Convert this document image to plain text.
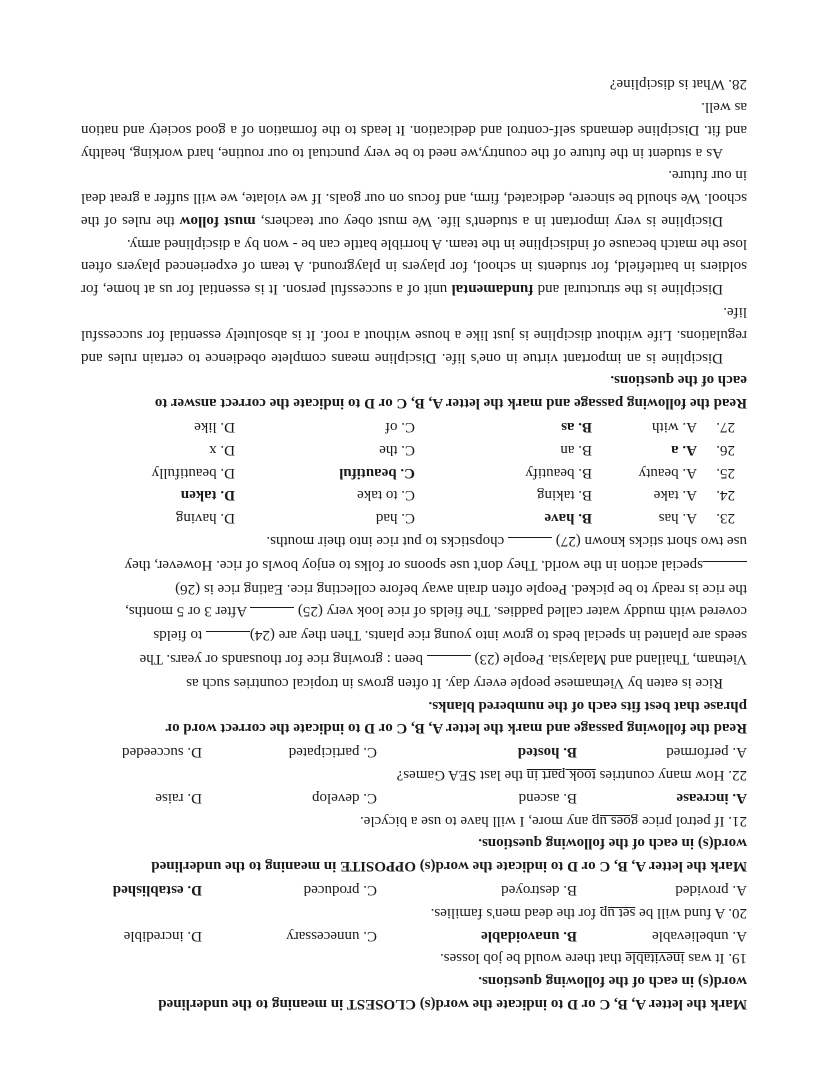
Mark the letter A, B, C or D to indicate the word(s) CLOSEST in meaning to the underlined
word(s) in each of the following questions.
19. It was inevitable that there would be job losses.
A. unbelievable
B. unavoidable
C. unnecessary
D. incredible
20. A fund will be set up for the dead men's families.
A. provided
B. destroyed
C. produced
D. established
Mark the letter A, B, C or D to indicate the word(s) OPPOSITE in meaning to the underlined
word(s) in each of the following questions.
21. If petrol price goes up any more, I will have to use a bicycle.
A. increase
B. ascend
C. develop
D. raise
22. How many countries took part in the last SEA Games?
A. performed
B. hosted
C. participated
D. succeeded
Read the following passage and mark the letter A, B, C or D to indicate the correct word or
phrase that best fits each of the numbered blanks.
Rice is eaten by Vietnamese people every day. It often grows in tropical countries such as
Vietnam, Thailand and Malaysia. People (23)  been : growing rice for thousands or years. The
seeds are planted in special beds to grow into young rice plants. Then they are (24) to fields
covered with muddy water called paddies. The fields of rice look very (25)  After 3 or 5 months,
the rice is ready to be picked. People often drain away before collecting rice. Eating rice is (26)
special action in the world. They don't use spoons or folks to enjoy bowls of rice. However, they
use two short sticks known (27)  chopsticks to put rice into their mouths.
23.
A. has
B. have
C. had
D. having
24.
A. take
B. taking
C. to take
D. taken
25.
A. beauty
B. beautify
C. beautiful
D. beautifully
26.
A. a
B. an
C. the
D. x
27.
A. with
B. as
C. of
D. like
Read the following passage and mark the letter A, B, C or D to indicate the correct answer to
each of the questions.

Discipline is an important virtue in one's life. Discipline means complete obedience to certain rules and regulations. Life without discipline is just like a house without a roof. It is absolutely essential for successful life.

Discipline is the structural and fundamental unit of a successful person. It is essential for us at home, for soldiers in battlefield, for students in school, for players in playground. A team of experienced players often lose the match because of indiscipline in the team. A horrible battle can be - won by a disciplined army.

Discipline is very important in a student's life. We must obey our teachers, must follow the rules of the school. We should be sincere, dedicated, firm, and focus on our goals. If we violate, we will suffer a great deal in our future.

As a student in the future of the country,we need to be very punctual to our routine, hard working, healthy and fit. Discipline demands self-control and dedication. It leads to the formation of a good society and nation as well.

28. What is discipline?
